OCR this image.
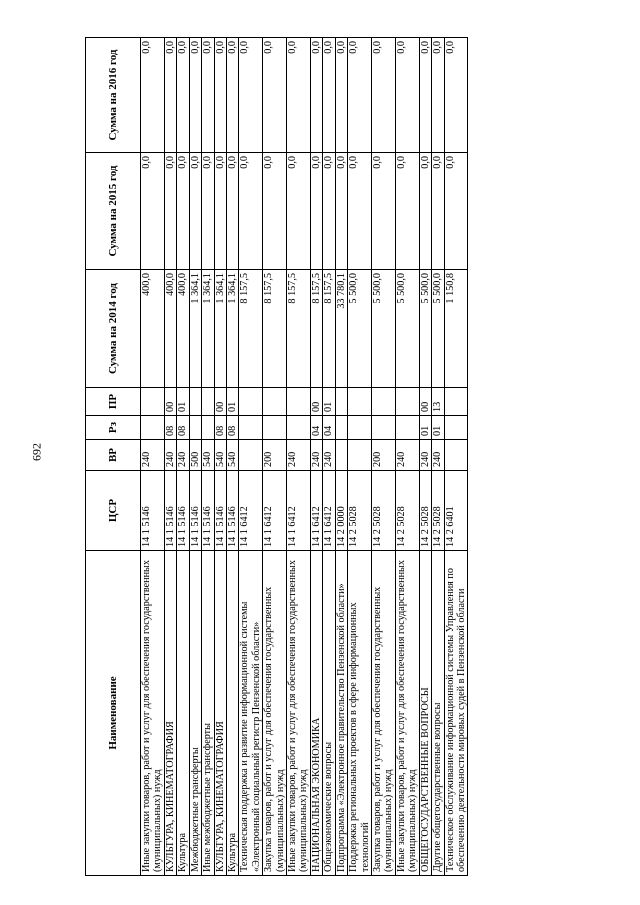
692
Наименование	ЦСР	ВР	Рз	ПР	Сумма на 2014 год	Сумма на 2015 год	Сумма на 2016 год
Иные закупки товаров, работ и услуг для обеспечения государственных (муниципальных) нужд	14 1 5146	240			400,0	0,0	0,0
КУЛЬТУРА, КИНЕМАТОГРАФИЯ	14 1 5146	240	08	00	400,0	0,0	0,0
Культура	14 1 5146	240	08	01	400,0	0,0	0,0
Межбюджетные трансферты	14 1 5146	500			1 364,1	0,0	0,0
Иные межбюджетные трансферты	14 1 5146	540			1 364,1	0,0	0,0
КУЛЬТУРА, КИНЕМАТОГРАФИЯ	14 1 5146	540	08	00	1 364,1	0,0	0,0
Культура	14 1 5146	540	08	01	1 364,1	0,0	0,0
Техническая поддержка и развитие информационной системы «Электронный социальный регистр Пензенской области»	14 1 6412				8 157,5	0,0	0,0
Закупка товаров, работ и услуг для обеспечения государственных (муниципальных) нужд	14 1 6412	200			8 157,5	0,0	0,0
Иные закупки товаров, работ и услуг для обеспечения государственных (муниципальных) нужд	14 1 6412	240			8 157,5	0,0	0,0
НАЦИОНАЛЬНАЯ ЭКОНОМИКА	14 1 6412	240	04	00	8 157,5	0,0	0,0
Общеэкономические вопросы	14 1 6412	240	04	01	8 157,5	0,0	0,0
Подпрограмма «Электронное правительство Пензенской области»	14 2 0000				33 780,1	0,0	0,0
Поддержка региональных проектов в сфере информационных технологий	14 2 5028				5 500,0	0,0	0,0
Закупка товаров, работ и услуг для обеспечения государственных (муниципальных) нужд	14 2 5028	200			5 500,0	0,0	0,0
Иные закупки товаров, работ и услуг для обеспечения государственных (муниципальных) нужд	14 2 5028	240			5 500,0	0,0	0,0
ОБЩЕГОСУДАРСТВЕННЫЕ ВОПРОСЫ	14 2 5028	240	01	00	5 500,0	0,0	0,0
Другие общегосударственные вопросы	14 2 5028	240	01	13	5 500,0	0,0	0,0
Техническое обслуживание информационной системы Управления по обеспечению деятельности мировых судей в Пензенской области	14 2 6401				1 150,8	0,0	0,0
